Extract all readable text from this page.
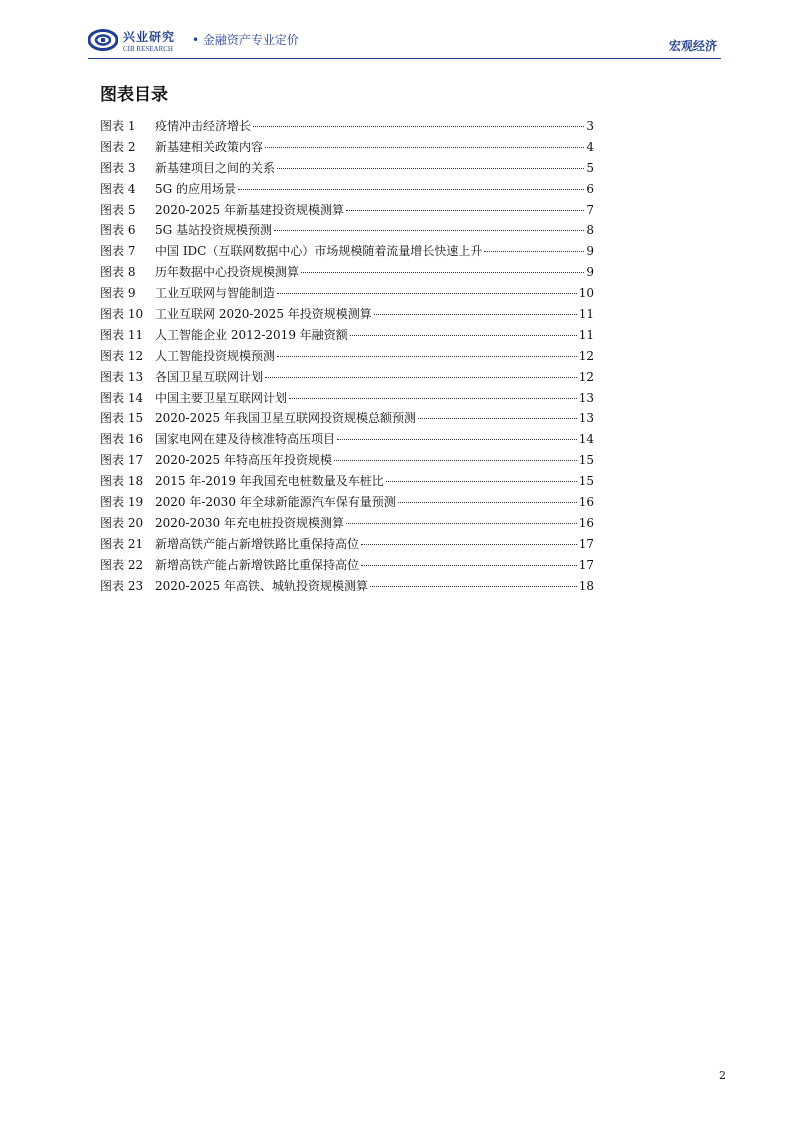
兴业研究
CIB RESEARCH
• 金融资产专业定价	宏观经济
图表目录
图表 1	疫情冲击经济增长	3
图表 2	新基建相关政策内容	4
图表 3	新基建项目之间的关系	5
图表 4	5G 的应用场景	6
图表 5	2020-2025 年新基建投资规模测算	7
图表 6	5G 基站投资规模预测	8
图表 7	中国 IDC（互联网数据中心）市场规模随着流量增长快速上升	9
图表 8	历年数据中心投资规模测算	9
图表 9	工业互联网与智能制造	10
图表 10 工业互联网 2020-2025 年投资规模测算	11
图表 11 人工智能企业 2012-2019 年融资额	11
图表 12 人工智能投资规模预测	12
图表 13 各国卫星互联网计划	12
图表 14 中国主要卫星互联网计划	13
图表 15 2020-2025 年我国卫星互联网投资规模总额预测	13
图表 16 国家电网在建及待核准特高压项目	14
图表 17 2020-2025 年特高压年投资规模	15
图表 18 2015 年-2019 年我国充电桩数量及车桩比	15
图表 19 2020 年-2030 年全球新能源汽车保有量预测	16
图表 20 2020-2030 年充电桩投资规模测算	16
图表 21 新增高铁产能占新增铁路比重保持高位	17
图表 22 新增高铁产能占新增铁路比重保持高位	17
图表 23 2020-2025 年高铁、城轨投资规模测算	18
2
